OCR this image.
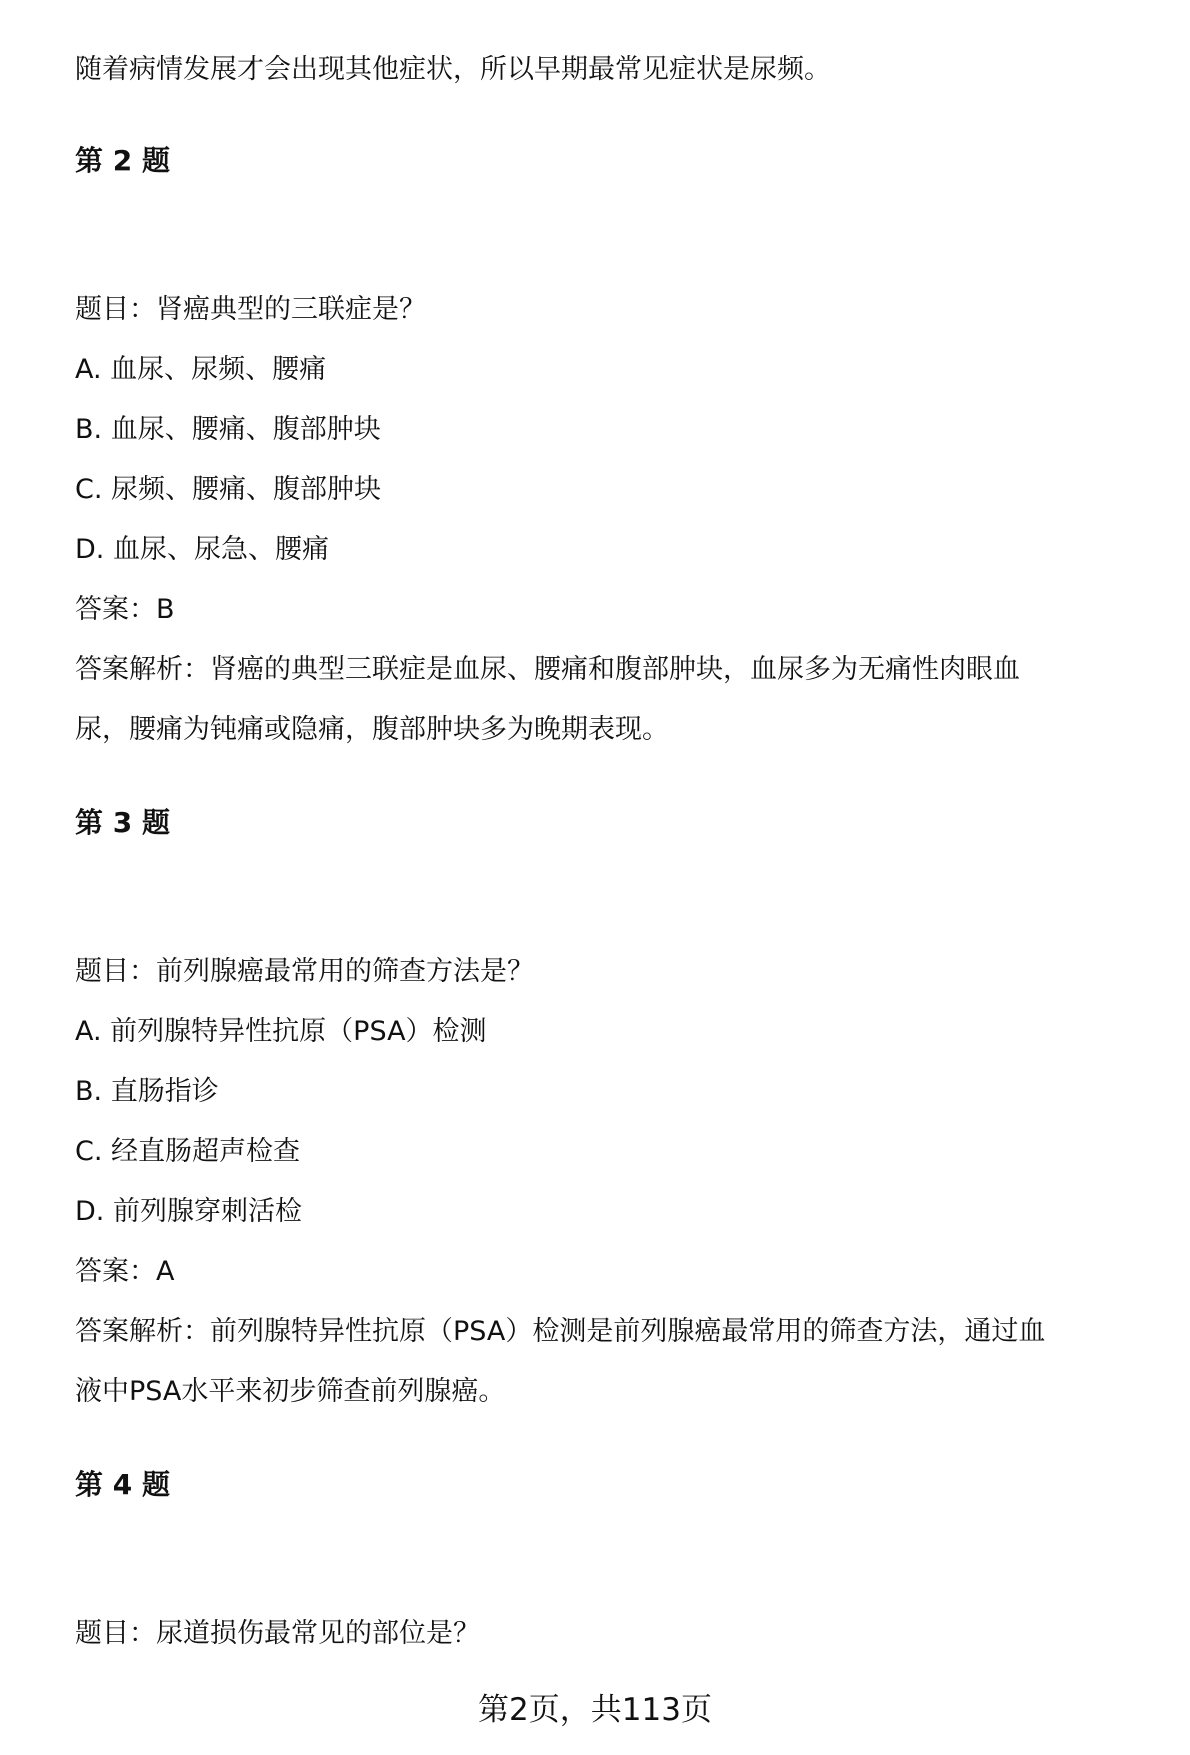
随着病情发展才会出现其他症状，所以早期最常见症状是尿频。
第 2 题
题目：肾癌典型的三联症是？
A. 血尿、尿频、腰痛
B. 血尿、腰痛、腹部肿块
C. 尿频、腰痛、腹部肿块
D. 血尿、尿急、腰痛
答案：B
答案解析：肾癌的典型三联症是血尿、腰痛和腹部肿块，血尿多为无痛性肉眼血
尿，腰痛为钝痛或隐痛，腹部肿块多为晚期表现。
第 3 题
题目：前列腺癌最常用的筛查方法是？
A. 前列腺特异性抗原（PSA）检测
B. 直肠指诊
C. 经直肠超声检查
D. 前列腺穿刺活检
答案：A
答案解析：前列腺特异性抗原（PSA）检测是前列腺癌最常用的筛查方法，通过血
液中PSA水平来初步筛查前列腺癌。
第 4 题
题目：尿道损伤最常见的部位是？
第2页，共113页
